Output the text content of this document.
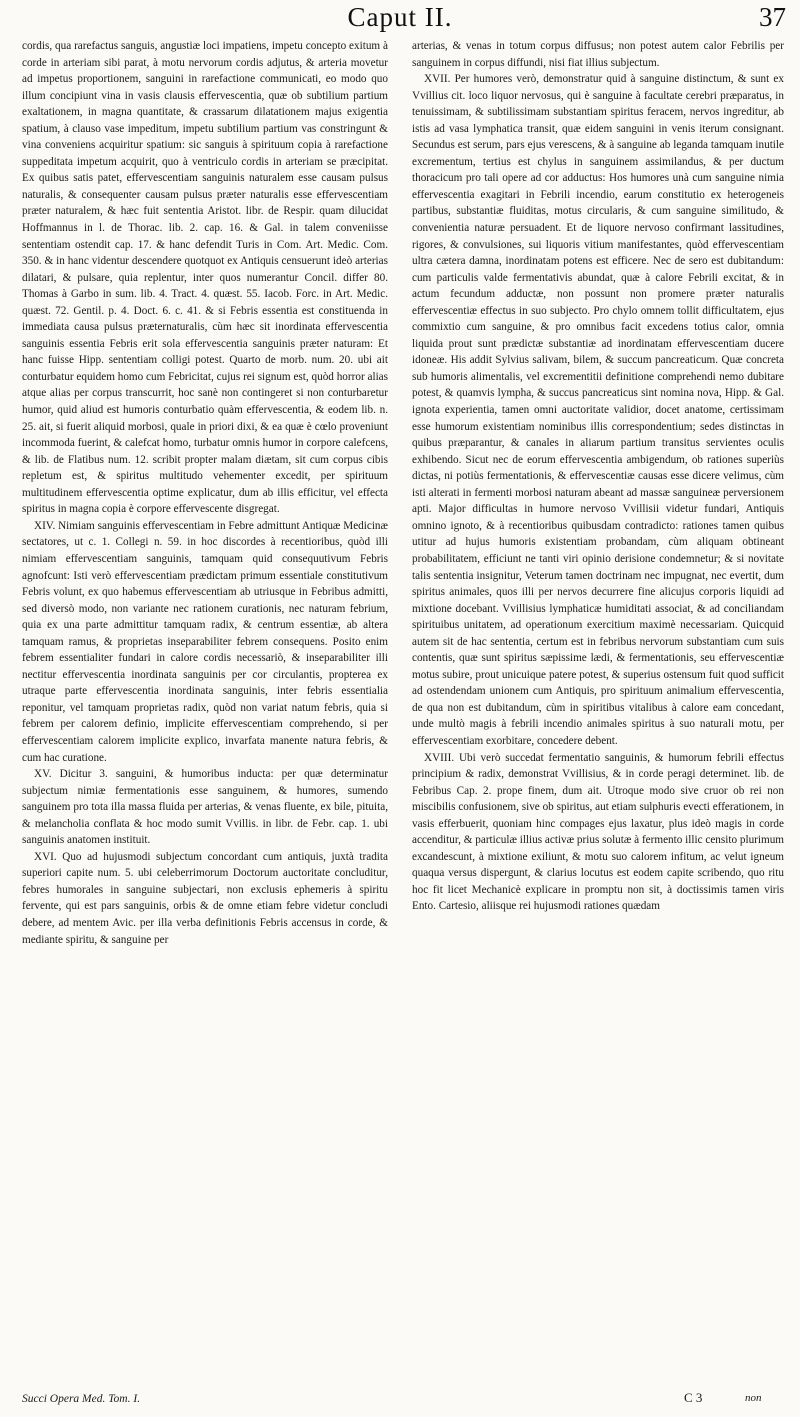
Caput II.	37

cordis, qua rarefactus sanguis, angustiæ loci impatiens, impetu concepto exitum à corde in arteriam sibi parat, à motu nervorum cordis adjutus, & arteria movetur ad impetus proportionem, sanguini in rarefactione communicati, eo modo quo illum concipiunt vina in vasis clausis effervescentia, quæ ob subtilium partium exaltationem, in magna quantitate, & crassarum dilatationem majus exigentia spatium, à clauso vase impeditum, impetu subtilium partium vas constringunt & vina conveniens acquiritur spatium: sic sanguis à spirituum copia à rarefactione suppeditata impetum acquirit, quo à ventriculo cordis in arteriam se præcipitat. Ex quibus satis patet, effervescentiam sanguinis naturalem esse causam pulsus naturalis, & consequenter causam pulsus præter naturalis esse effervescentiam præter naturalem, & hæc fuit sententia Aristot. libr. de Respir. quam dilucidat Hoffmannus in l. de Thorac. lib. 2. cap. 16. & Gal. in talem conveniisse sententiam ostendit cap. 17. & hanc defendit Turis in Com. Art. Medic. Com. 350. & in hanc videntur descendere quotquot ex Antiquis censuerunt ideò arterias dilatari, & pulsare, quia replentur, inter quos numerantur Concil. differ 80. Thomas à Garbo in sum. lib. 4. Tract. 4. quæst. 55. Iacob. Forc. in Art. Medic. quæst. 72. Gentil. p. 4. Doct. 6. c. 41. & si Febris essentia est constituenda in immediata causa pulsus præternaturalis, cùm hæc sit inordinata effervescentia sanguinis essentia Febris erit sola effervescentia sanguinis præter naturam: Et hanc fuisse Hipp. sententiam colligi potest. Quarto de morb. num. 20. ubi ait conturbatur equidem homo cum Febricitat, cujus rei signum est, quòd horror alias atque alias per corpus transcurrit, hoc sanè non contingeret si non conturbaretur humor, quid aliud est humoris conturbatio quàm effervescentia, & eodem lib. n. 25. ait, si fuerit aliquid morbosi, quale in priori dixi, & ea quæ è cœlo proveniunt incommoda fuerint, & calefcat homo, turbatur omnis humor in corpore calefcens, & lib. de Flatibus num. 12. scribit propter malam diætam, sit cum corpus cibis repletum est, & spiritus multitudo vehementer excedit, per spirituum multitudinem effervescentia optime explicatur, dum ab illis efficitur, vel effecta spiritus in magna copia è corpore effervescente disgregat.

XIV. Nimiam sanguinis effervescentiam in Febre admittunt Antiquæ Medicinæ sectatores, ut c. 1. Collegi n. 59. in hoc discordes à recentioribus, quòd illi nimiam effervescentiam sanguinis, tamquam quid consequutivum Febris agnofcunt: Isti verò effervescentiam prædictam primum essentiale constitutivum Febris volunt, ex quo habemus effervescentiam ab utriusque in Febribus admitti, sed diversò modo, non variante nec rationem curationis, nec naturam febrium, quia ex una parte admittitur tamquam radix, & centrum essentiæ, ab altera tamquam ramus, & proprietas inseparabiliter febrem consequens. Posito enim febrem essentialiter fundari in calore cordis necessariò, & inseparabiliter illi nectitur effervescentia inordinata sanguinis per cor circulantis, propterea ex utraque parte effervescentia inordinata sanguinis, inter febris essentialia reponitur, vel tamquam proprietas radix, quòd non variat natum febris, quia si febrem per calorem definio, implicite effervescentiam comprehendo, si per effervescentiam calorem implicite explico, invarfata manente natura febris, & cum hac curatione.

XV. Dicitur 3. sanguini, & humoribus inducta: per quæ determinatur subjectum nimiæ fermentationis esse sanguinem, & humores, sumendo sanguinem pro tota illa massa fluida per arterias, & venas fluente, ex bile, pituita, & melancholia conflata & hoc modo sumit Vvillis. in libr. de Febr. cap. 1. ubi sanguinis anatomen instituit.

XVI. Quo ad hujusmodi subjectum concordant cum antiquis, juxtà tradita superiori capite num. 5. ubi celeberrimorum Doctorum auctoritate concluditur, febres humorales in sanguine subjectari, non exclusis ephemeris à spiritu fervente, qui est pars sanguinis, orbis & de omne etiam febre videtur concludi debere, ad mentem Avic. per illa verba definitionis Febris accensus in corde, & mediante spiritu, & sanguine per

arterias, & venas in totum corpus diffusus; non potest autem calor Febrilis per sanguinem in corpus diffundi, nisi fiat illius subjectum.

XVII. Per humores verò, demonstratur quid à sanguine distinctum, & sunt ex Vvillius cit. loco liquor nervosus, qui è sanguine à facultate cerebri præparatus, in tenuissimam, & subtilissimam substantiam spiritus feracem, nervos ingreditur, ab istis ad vasa lymphatica transit, quæ eidem sanguini in venis iterum consignant. Secundus est serum, pars ejus verescens, & à sanguine ab leganda tamquam inutile excrementum, tertius est chylus in sanguinem assimilandus, & per ductum thoracicum pro tali opere ad cor adductus: Hos humores unà cum sanguine nimia effervescentia exagitari in Febrili incendio, earum constitutio ex heterogeneis partibus, substantiæ fluiditas, motus circularis, & cum sanguine similitudo, & convenientia naturæ persuadent. Et de liquore nervoso confirmant lassitudines, rigores, & convulsiones, sui liquoris vitium manifestantes, quòd effervescentiam ultra cætera damna, inordinatam potens est efficere. Nec de sero est dubitandum: cum particulis valde fermentativis abundat, quæ à calore Febrili excitat, & in actum fecundum adductæ, non possunt non promere præter naturalis effervescentiæ effectus in suo subjecto. Pro chylo omnem tollit difficultatem, ejus commixtio cum sanguine, & pro omnibus facit excedens totius calor, omnia liquida prout sunt prædictæ substantiæ ad inordinatam effervescentiam ducere idoneæ. His addit Sylvius salivam, bilem, & succum pancreaticum. Quæ concreta sub humoris alimentalis, vel excrementitii definitione comprehendi nemo dubitare potest, & quamvis lympha, & succus pancreaticus sint nomina nova, Hipp. & Gal. ignota experientia, tamen omni auctoritate validior, docet anatome, certissimam esse humorum existentiam nominibus illis correspondentium; sedes distinctas in quibus præparantur, & canales in aliarum partium transitus servientes oculis exhibendo. Sicut nec de eorum effervescentia ambigendum, ob rationes superiùs dictas, ni potiùs fermentationis, & effervescentiæ causas esse dicere velimus, cùm isti alterati in fermenti morbosi naturam abeant ad massæ sanguineæ perversionem apti. Major difficultas in humore nervoso Vvillisii videtur fundari, Antiquis omnino ignoto, & à recentioribus quibusdam contradicto: rationes tamen quibus utitur ad hujus humoris existentiam probandam, cùm aliquam obtineant probabilitatem, efficiunt ne tanti viri opinio derisione condemnetur; & si novitate talis sententia insignitur, Veterum tamen doctrinam nec impugnat, nec evertit, dum spiritus animales, quos illi per nervos decurrere fine alicujus corporis liquidi ad mixtione docebant. Vvillisius lymphaticæ humiditati associat, & ad conciliandam spirituibus unitatem, ad operationum exercitium maximè necessariam. Quicquid autem sit de hac sententia, certum est in febribus nervorum substantiam cum suis contentis, quæ sunt spiritus sæpissime lædi, & fermentationis, seu effervescentiæ motus subire, prout unicuique patere potest, & superius ostensum fuit quod sufficit ad ostendendam unionem cum Antiquis, pro spirituum animalium effervescentia, de qua non est dubitandum, cùm in spiritibus vitalibus à calore eam concedant, unde multò magis à febrili incendio animales spiritus à suo naturali motu, per effervescentiam exorbitare, concedere debent.

XVIII. Ubi verò succedat fermentatio sanguinis, & humorum febrili effectus principium & radix, demonstrat Vvillisius, & in corde peragi determinet. lib. de Febribus Cap. 2. prope finem, dum ait. Utroque modo sive cruor ob rei non miscibilis confusionem, sive ob spiritus, aut etiam sulphuris evecti efferationem, in vasis efferbuerit, quoniam hinc compages ejus laxatur, plus ideò magis in corde accenditur, & particulæ illius activæ prius solutæ à fermento illic censito plurimum excandescunt, à mixtione exiliunt, & motu suo calorem infitum, ac velut igneum quaqua versus dispergunt, & clarius locutus est eodem capite scribendo, quo ritu hoc fit licet Mechanicè explicare in promptu non sit, à doctissimis tamen viris Ento. Cartesio, aliisque rei hujusmodi rationes quædam

Succi Opera Med. Tom. I.	C 3	non
